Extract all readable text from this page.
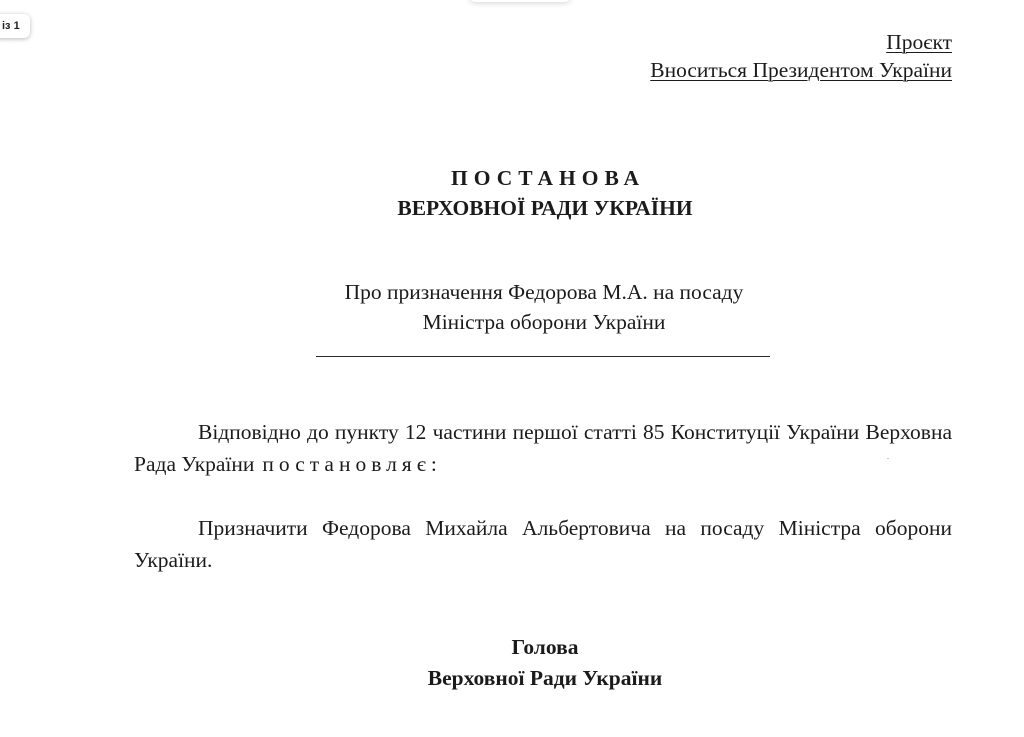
із 1
Проєкт
Вноситься Президентом України
ПОСТАНОВА
ВЕРХОВНОЇ РАДИ УКРАЇНИ
Про призначення Федорова М.А. на посаду
Міністра оборони України
Відповідно до пункту 12 частини першої статті 85 Конституції України Верховна Рада України постановляє:
Призначити Федорова Михайла Альбертовича на посаду Міністра оборони України.
Голова
Верховної Ради України
